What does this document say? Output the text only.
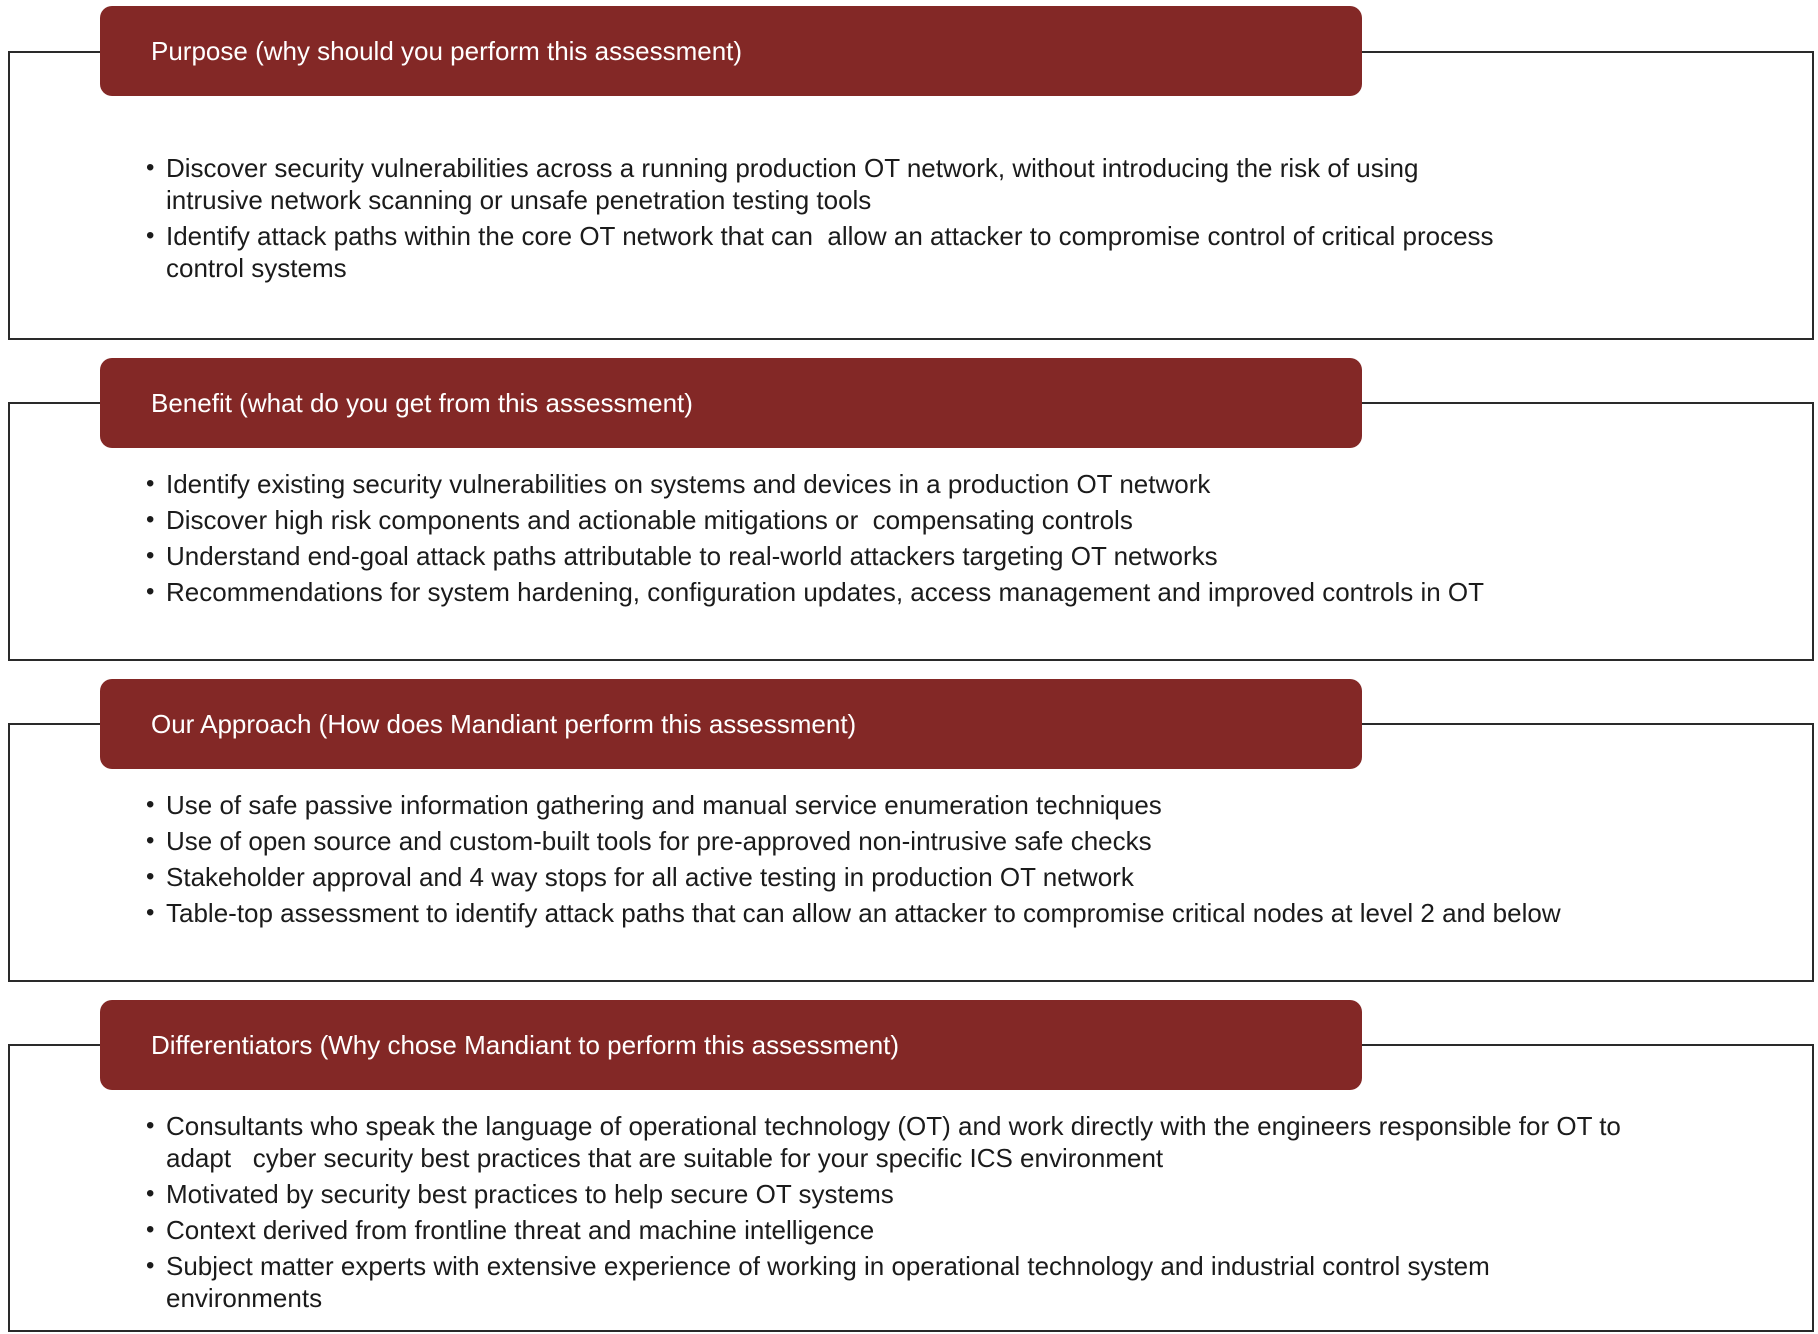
Purpose (why should you perform this assessment)
• Discover security vulnerabilities across a running production OT network, without introducing the risk of using intrusive network scanning or unsafe penetration testing tools
• Identify attack paths within the core OT network that can  allow an attacker to compromise control of critical process control systems
Benefit (what do you get from this assessment)
• Identify existing security vulnerabilities on systems and devices in a production OT network
• Discover high risk components and actionable mitigations or  compensating controls
• Understand end-goal attack paths attributable to real-world attackers targeting OT networks
• Recommendations for system hardening, configuration updates, access management and improved controls in OT
Our Approach (How does Mandiant perform this assessment)
• Use of safe passive information gathering and manual service enumeration techniques
• Use of open source and custom-built tools for pre-approved non-intrusive safe checks
• Stakeholder approval and 4 way stops for all active testing in production OT network
• Table-top assessment to identify attack paths that can allow an attacker to compromise critical nodes at level 2 and below
Differentiators (Why chose Mandiant to perform this assessment)
• Consultants who speak the language of operational technology (OT) and work directly with the engineers responsible for OT to adapt   cyber security best practices that are suitable for your specific ICS environment
• Motivated by security best practices to help secure OT systems
• Context derived from frontline threat and machine intelligence
• Subject matter experts with extensive experience of working in operational technology and industrial control system environments
